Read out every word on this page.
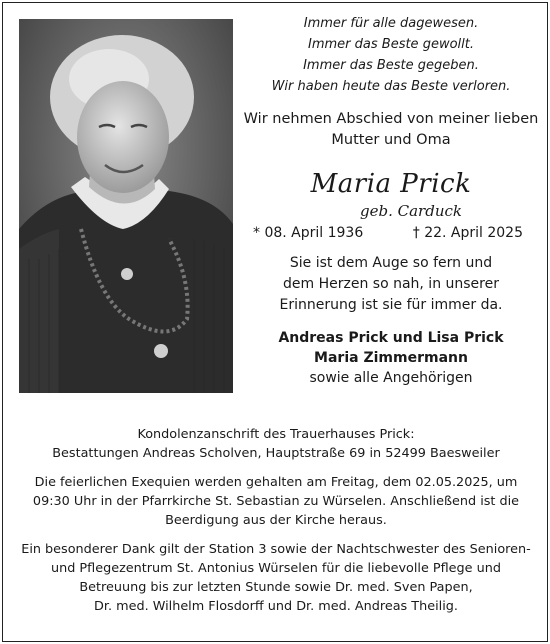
Immer für alle dagewesen.
Immer das Beste gewollt.
Immer das Beste gegeben.
Wir haben heute das Beste verloren.
Wir nehmen Abschied von meiner lieben
Mutter und Oma
Maria Prick
geb. Carduck
* 08. April 1936	† 22. April 2025
Sie ist dem Auge so fern und
dem Herzen so nah, in unserer
Erinnerung ist sie für immer da.
Andreas Prick und Lisa Prick
Maria Zimmermann
sowie alle Angehörigen

Kondolenzanschrift des Trauerhauses Prick:
Bestattungen Andreas Scholven, Hauptstraße 69 in 52499 Baesweiler

Die feierlichen Exequien werden gehalten am Freitag, dem 02.05.2025, um
09:30 Uhr in der Pfarrkirche St. Sebastian zu Würselen. Anschließend ist die
Beerdigung aus der Kirche heraus.

Ein besonderer Dank gilt der Station 3 sowie der Nachtschwester des Senioren-
und Pflegezentrum St. Antonius Würselen für die liebevolle Pflege und
Betreuung bis zur letzten Stunde sowie Dr. med. Sven Papen,
Dr. med. Wilhelm Flosdorff und Dr. med. Andreas Theilig.
